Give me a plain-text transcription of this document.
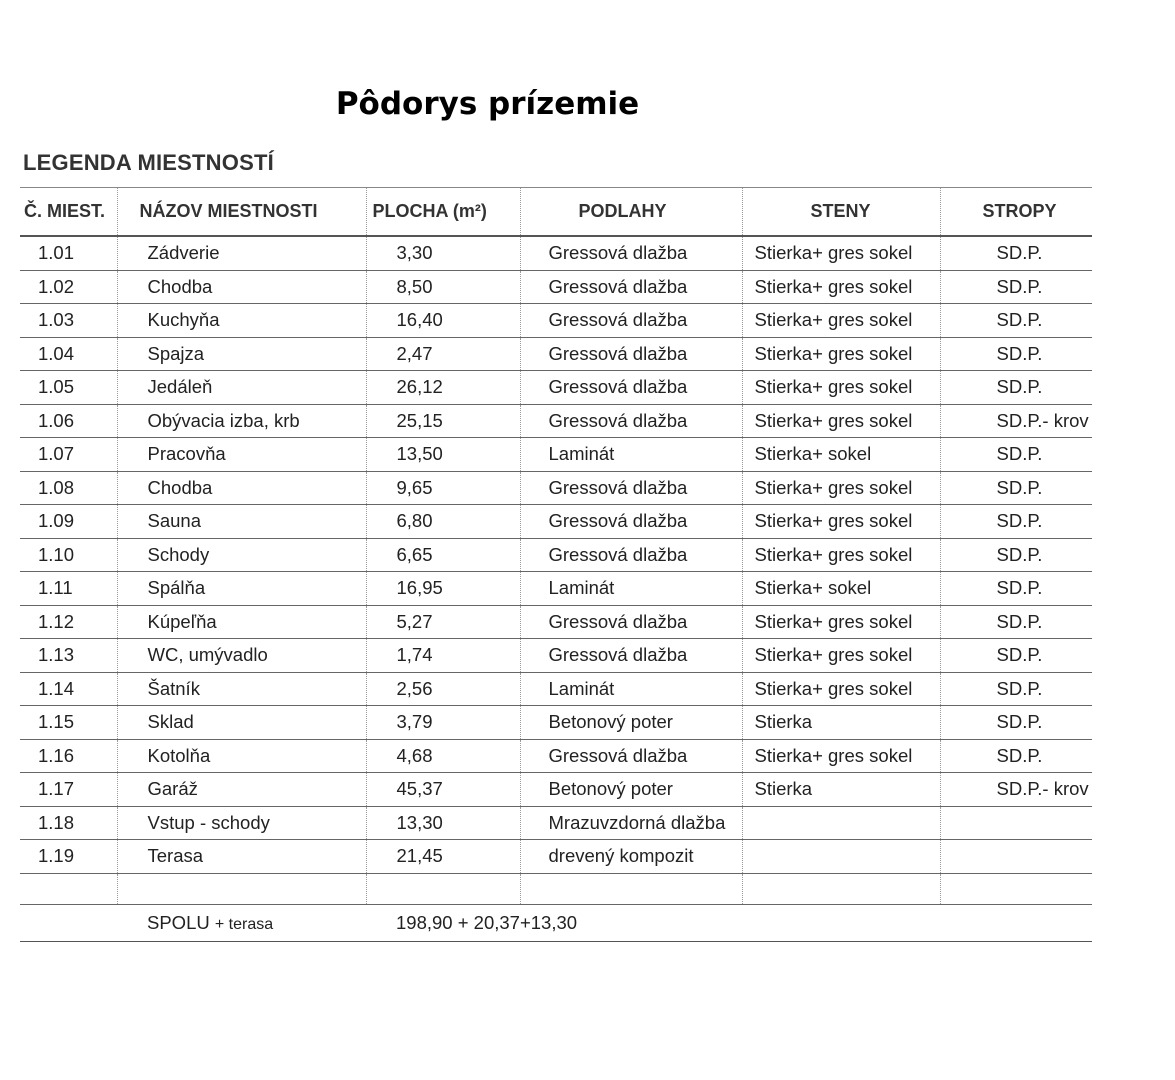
Pôdorys prízemie
LEGENDA MIESTNOSTÍ
Č. MIEST.	NÁZOV MIESTNOSTI	PLOCHA (m²)	PODLAHY	STENY	STROPY
1.01	Zádverie	3,30	Gressová dlažba	Stierka+ gres sokel	SD.P.
1.02	Chodba	8,50	Gressová dlažba	Stierka+ gres sokel	SD.P.
1.03	Kuchyňa	16,40	Gressová dlažba	Stierka+ gres sokel	SD.P.
1.04	Spajza	2,47	Gressová dlažba	Stierka+ gres sokel	SD.P.
1.05	Jedáleň	26,12	Gressová dlažba	Stierka+ gres sokel	SD.P.
1.06	Obývacia izba, krb	25,15	Gressová dlažba	Stierka+ gres sokel	SD.P.- krov
1.07	Pracovňa	13,50	Laminát	Stierka+ sokel	SD.P.
1.08	Chodba	9,65	Gressová dlažba	Stierka+ gres sokel	SD.P.
1.09	Sauna	6,80	Gressová dlažba	Stierka+ gres sokel	SD.P.
1.10	Schody	6,65	Gressová dlažba	Stierka+ gres sokel	SD.P.
1.11	Spálňa	16,95	Laminát	Stierka+ sokel	SD.P.
1.12	Kúpeľňa	5,27	Gressová dlažba	Stierka+ gres sokel	SD.P.
1.13	WC, umývadlo	1,74	Gressová dlažba	Stierka+ gres sokel	SD.P.
1.14	Šatník	2,56	Laminát	Stierka+ gres sokel	SD.P.
1.15	Sklad	3,79	Betonový poter	Stierka	SD.P.
1.16	Kotolňa	4,68	Gressová dlažba	Stierka+ gres sokel	SD.P.
1.17	Garáž	45,37	Betonový poter	Stierka	SD.P.- krov
1.18	Vstup - schody	13,30	Mrazuvzdorná dlažba		
1.19	Terasa	21,45	drevený kompozit		

	SPOLU + terasa	198,90 + 20,37+13,30			
